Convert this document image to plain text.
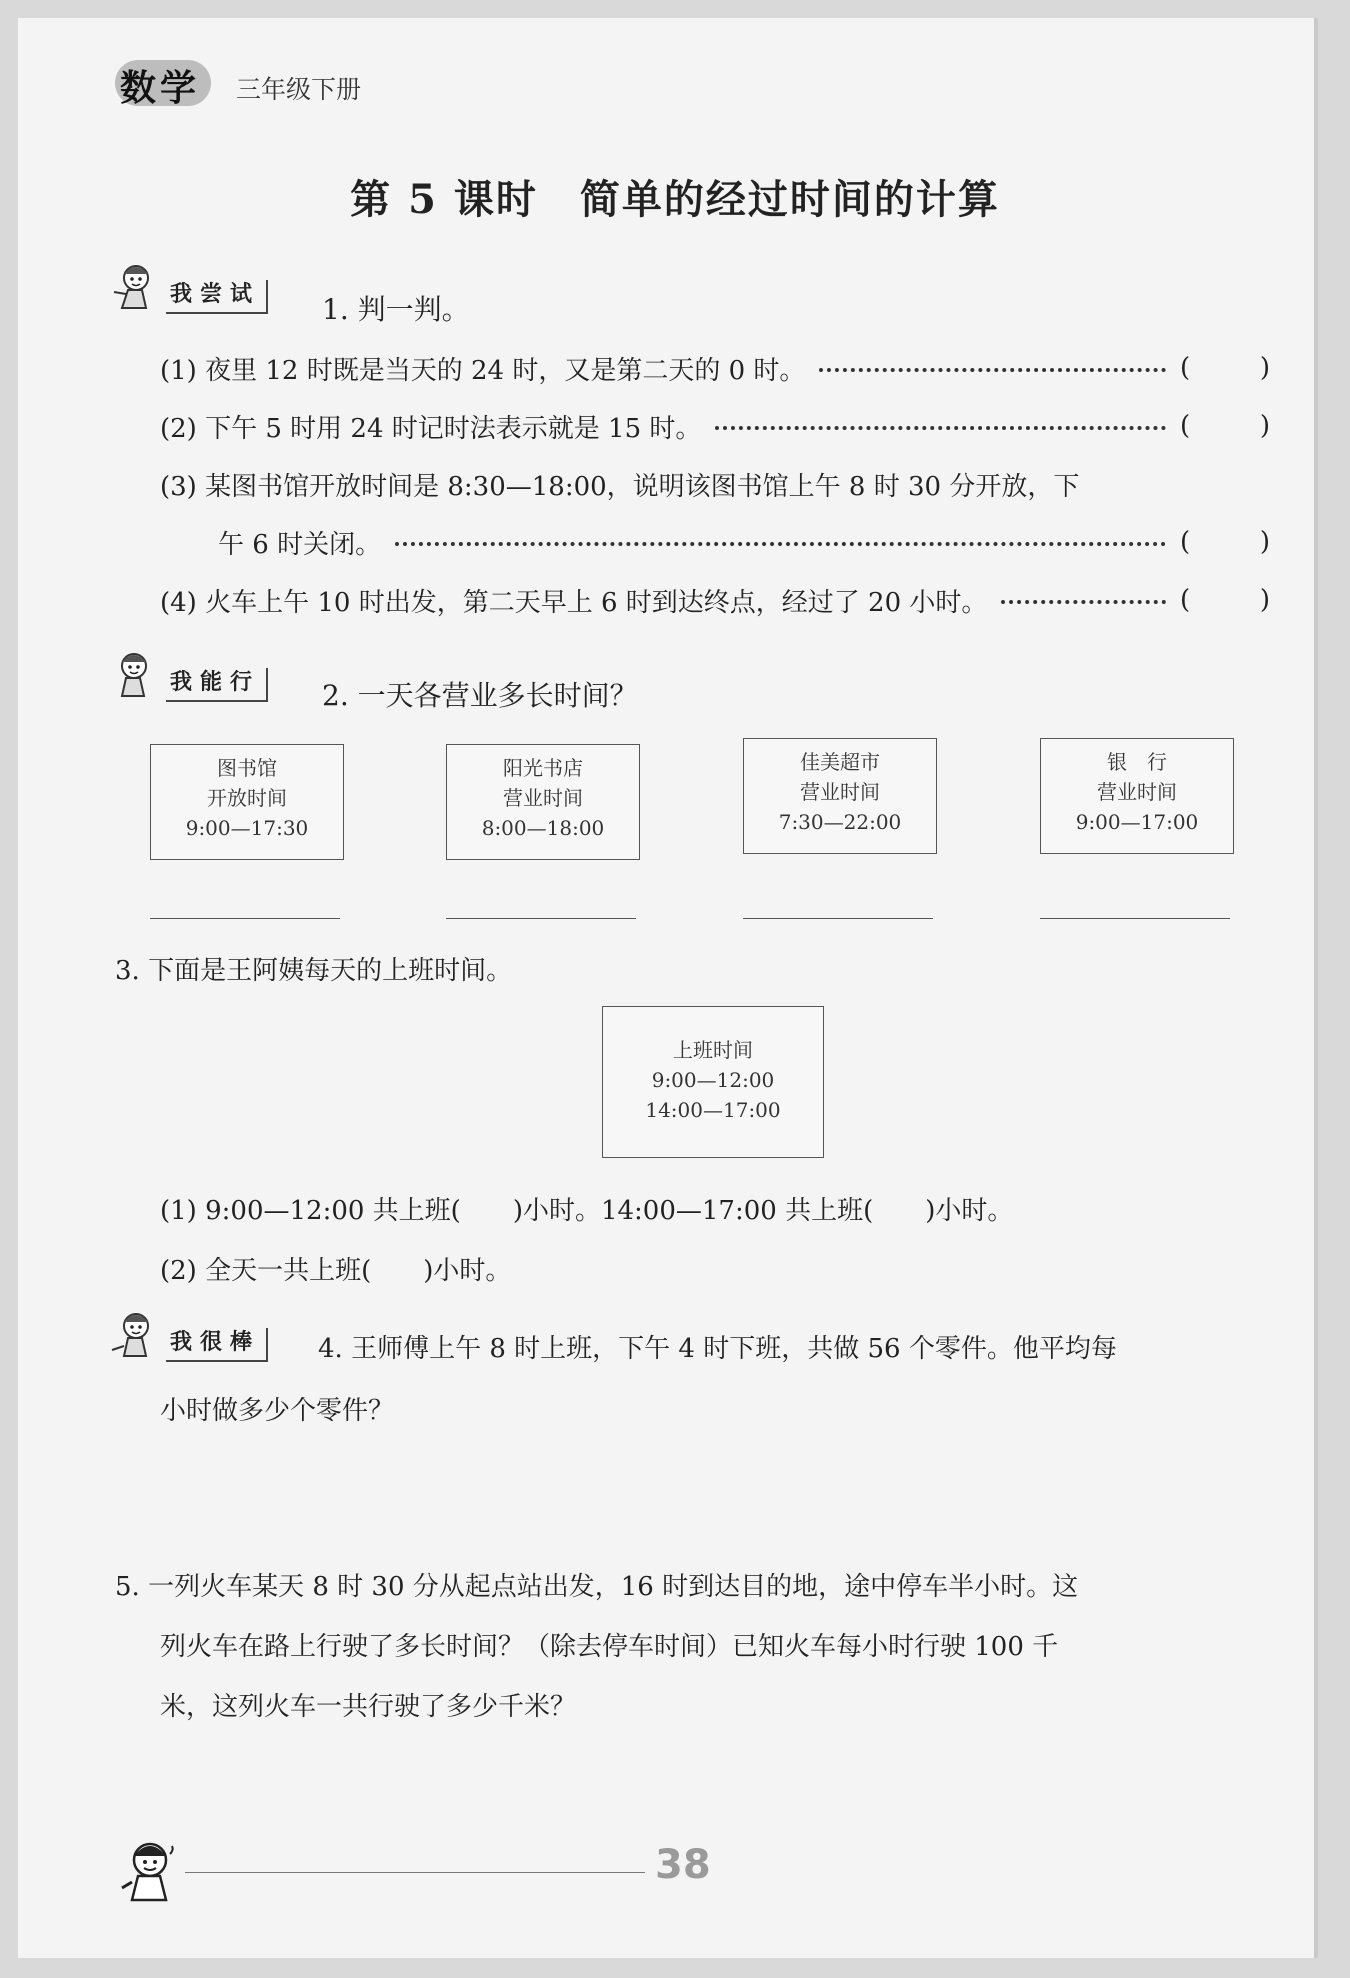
数学 三年级下册
第 5 课时　简单的经过时间的计算
我尝试 1. 判一判。
(1) 夜里 12 时既是当天的 24 时，又是第二天的 0 时。	(	)
(2) 下午 5 时用 24 时记时法表示就是 15 时。	(	)
(3) 某图书馆开放时间是 8:30—18:00，说明该图书馆上午 8 时 30 分开放，下
午 6 时关闭。	(	)
(4) 火车上午 10 时出发，第二天早上 6 时到达终点，经过了 20 小时。	(	)
我能行 2. 一天各营业多长时间？
图书馆
开放时间
9:00—17:30
阳光书店
营业时间
8:00—18:00
佳美超市
营业时间
7:30—22:00
银　行
营业时间
9:00—17:00
3. 下面是王阿姨每天的上班时间。
上班时间
9:00—12:00
14:00—17:00
(1) 9:00—12:00 共上班(　　)小时。14:00—17:00 共上班(　　)小时。
(2) 全天一共上班(　　)小时。
我很棒	4. 王师傅上午 8 时上班，下午 4 时下班，共做 56 个零件。他平均每
小时做多少个零件？
5. 一列火车某天 8 时 30 分从起点站出发，16 时到达目的地，途中停车半小时。这
列火车在路上行驶了多长时间？（除去停车时间）已知火车每小时行驶 100 千
米，这列火车一共行驶了多少千米？
38
